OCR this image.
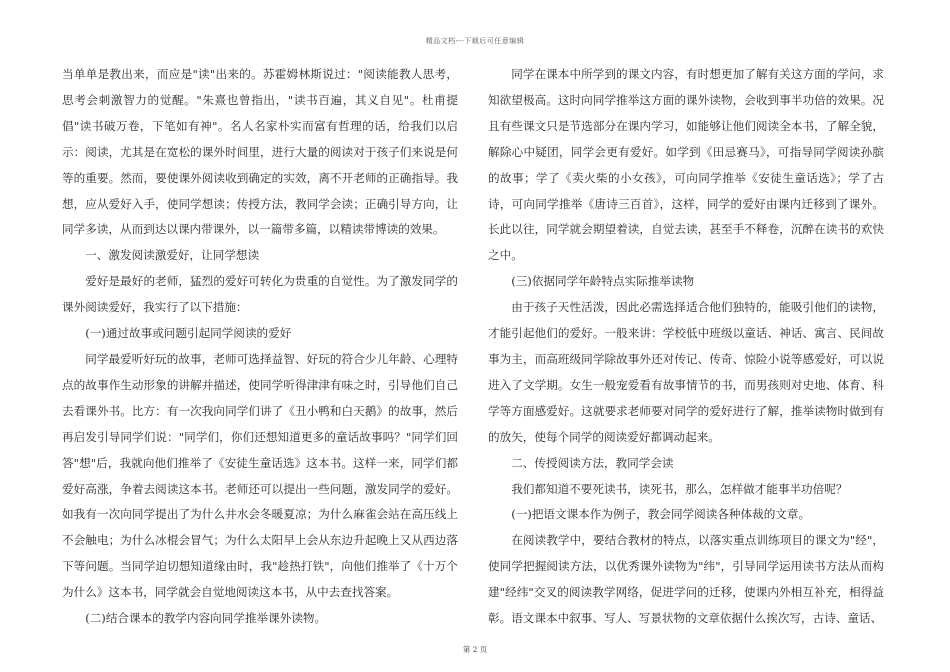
精品文档---下载后可任意编辑

当单单是教出来，而应是"读"出来的。苏霍姆林斯说过："阅读能教人思考，思考会刺激智力的觉醒。"朱熹也曾指出，"读书百遍，其义自见"。杜甫提倡"读书破万卷，下笔如有神"。名人名家朴实而富有哲理的话，给我们以启示：阅读，尤其是在宽松的课外时间里，进行大量的阅读对于孩子们来说是何等的重要。然而，要使课外阅读收到确定的实效，离不开老师的正确指导。我想，应从爱好入手，使同学想读；传授方法，教同学会读；正确引导方向，让同学多读，从而到达以课内带课外，以一篇带多篇，以精读带博读的效果。

一、激发阅读激爱好，让同学想读

爱好是最好的老师，猛烈的爱好可转化为贵重的自觉性。为了激发同学的课外阅读爱好，我实行了以下措施：

(一)通过故事或问题引起同学阅读的爱好

同学最爱听好玩的故事，老师可选择益智、好玩的符合少儿年龄、心理特点的故事作生动形象的讲解并描述，使同学听得津津有味之时，引导他们自己去看课外书。比方：有一次我向同学们讲了《丑小鸭和白天鹅》的故事，然后再启发引导同学们说："同学们，你们还想知道更多的童话故事吗？"同学们回答"想"后，我就向他们推举了《安徒生童话选》这本书。这样一来，同学们都爱好高涨，争着去阅读这本书。老师还可以提出一些问题，激发同学的爱好。如我有一次向同学提出了为什么井水会冬暖夏凉；为什么麻雀会站在高压线上不会触电；为什么冰棍会冒气；为什么太阳早上会从东边升起晚上又从西边落下等问题。当同学迫切想知道缘由时，我"趁热打铁"，向他们推举了《十万个为什么》这本书，同学就会自觉地阅读这本书，从中去查找答案。

(二)结合课本的教学内容向同学推举课外读物。

同学在课本中所学到的课文内容，有时想更加了解有关这方面的学问，求知欲望极高。这时向同学推举这方面的课外读物，会收到事半功倍的效果。况且有些课文只是节选部分在课内学习，如能够让他们阅读全本书，了解全貌，解除心中疑团，同学会更有爱好。如学到《田忌赛马》，可指导同学阅读孙膑的故事；学了《卖火柴的小女孩》，可向同学推举《安徒生童话选》；学了古诗，可向同学推举《唐诗三百首》，这样，同学的爱好由课内迁移到了课外。长此以往，同学就会期望着读，自觉去读，甚至手不释卷，沉醉在读书的欢快之中。

(三)依据同学年龄特点实际推举读物

由于孩子天性活泼，因此必需选择适合他们独特的，能吸引他们的读物，才能引起他们的爱好。一般来讲：学校低中班级以童话、神话、寓言、民间故事为主，而高班级同学除故事外还对传记、传奇、惊险小说等感爱好，可以说进入了文学期。女生一般宠爱看有故事情节的书，而男孩则对史地、体育、科学等方面感爱好。这就要求老师要对同学的爱好进行了解，推举读物时做到有的放矢，使每个同学的阅读爱好都调动起来。

二、传授阅读方法，教同学会读

我们都知道不要死读书，读死书，那么，怎样做才能事半功倍呢？

(一)把语文课本作为例子，教会同学阅读各种体裁的文章。

在阅读教学中，要结合教材的特点，以落实重点训练项目的课文为"经"，使同学把握阅读方法，以优秀课外读物为"纬"，引导同学运用读书方法从而构建"经纬"交叉的阅读教学网络，促进学问的迁移，使课内外相互补充，相得益彰。语文课本中叙事、写人、写景状物的文章依据什么挨次写，古诗、童话、

第 2 页
